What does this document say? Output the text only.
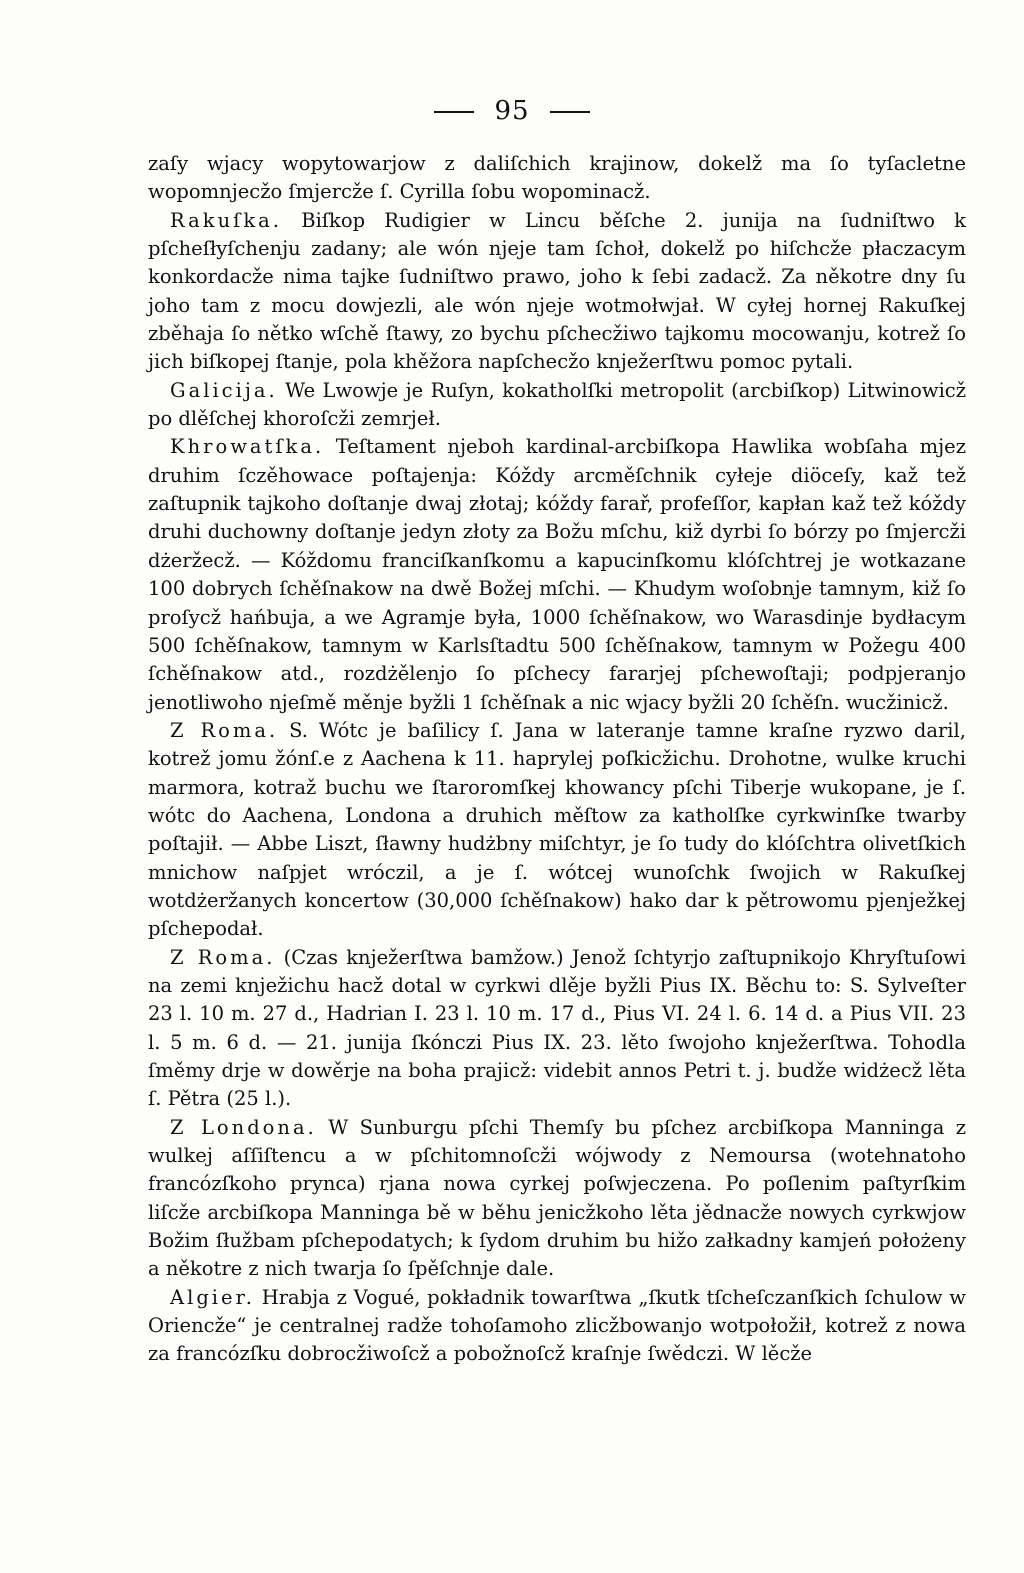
95

zaſy wjacy wopytowarjow z daliſchich krajinow, dokelž ma ſo tyſacletne wopomnjecžo ſmjercže ſ. Cyrilla ſobu wopominacž.

Rakuſka. Biſkop Rudigier w Lincu běſche 2. junija na ſudniſtwo k pſcheſłyſchenju zadany; ale wón njeje tam ſchoł, dokelž po hiſchcže płaczacym konkordacže nima tajke ſudniſtwo prawo, joho k ſebi zadacž. Za někotre dny ſu joho tam z mocu dowjezli, ale wón njeje wotmołwjał. W cyłej hornej Rakuſkej zběhaja ſo nětko wſchě ſtawy, zo bychu pſchecžiwo tajkomu mocowanju, kotrež ſo jich biſkopej ſtanje, pola khěžora napſchecžo knježerſtwu pomoc pytali.

Galicija. We Lwowje je Ruſyn, kokatholſki metropolit (arcbiſkop) Litwinowicž po dlěſchej khoroſcži zemrjeł.

Khrowatſka. Teſtament njeboh kardinal-arcbiſkopa Hawlika wobſaha mjez druhim ſczěhowace poſtajenja: Kóždy arcměſchnik cyłeje diöceſy, kaž tež zaſtupnik tajkoho doſtanje dwaj złotaj; kóždy farař, profeſſor, kapłan kaž tež kóždy druhi duchowny doſtanje jedyn złoty za Božu mſchu, kiž dyrbi ſo bórzy po ſmjercži dżeržecž. — Kóždomu franciſkanſkomu a kapucinſkomu klóſchtrej je wotkazane 100 dobrych ſchěſnakow na dwě Božej mſchi. — Khudym woſobnje tamnym, kiž ſo proſycž hańbuja, a we Agramje była, 1000 ſchěſnakow, wo Warasdinje bydłacym 500 ſchěſnakow, tamnym w Karlsſtadtu 500 ſchěſnakow, tamnym w Požegu 400 ſchěſnakow atd., rozdżělenjo ſo pſchecy fararjej pſchewoſtaji; podpjeranjo jenotliwoho njeſmě měnje byžli 1 ſchěſnak a nic wjacy byžli 20 ſchěſn. wucžinicž.

Z Roma. S. Wótc je baſilicy ſ. Jana w lateranje tamne kraſne ryzwo daril, kotrež jomu žónſ.e z Aachena k 11. haprylej poſkicžichu. Drohotne, wulke kruchi marmora, kotraž buchu we ſtaroromſkej khowancy pſchi Tiberje wukopane, je ſ. wótc do Aachena, Londona a druhich měſtow za katholſke cyrkwinſke twarby poſtajił. — Abbe Liszt, ſławny hudżbny miſchtyr, je ſo tudy do klóſchtra olivetſkich mnichow naſpjet wróczil, a je ſ. wótcej wunoſchk ſwojich w Rakuſkej wotdżeržanych koncertow (30,000 ſchěſnakow) hako dar k pětrowomu pjenježkej pſchepodał.

Z Roma. (Czas knježerſtwa bamžow.) Jenož ſchtyrjo zaſtupnikojo Khryſtuſowi na zemi knježichu hacž dotal w cyrkwi dlěje byžli Pius IX. Běchu to: S. Sylveſter 23 l. 10 m. 27 d., Hadrian I. 23 l. 10 m. 17 d., Pius VI. 24 l. 6. 14 d. a Pius VII. 23 l. 5 m. 6 d. — 21. junija ſkónczi Pius IX. 23. lěto ſwojoho knježerſtwa. Tohodla ſměmy drje w dowěrje na boha prajicž: videbit annos Petri t. j. budže widżecž lěta ſ. Pětra (25 l.).

Z Londona. W Sunburgu pſchi Themſy bu pſchez arcbiſkopa Manninga z wulkej aſſiſtencu a w pſchitomnoſcži wójwody z Nemoursa (wotehnatoho francózſkoho pryncа) rjana nowa cyrkej poſwjeczena. Po poſlenim paſtyrſkim liſcže arcbiſkopa Manninga bě w běhu jenicžkoho lěta jědnacže nowych cyrkwjow Božim ſłužbam pſchepodatych; k ſydom druhim bu hižo załkadny kamjeń położeny a někotre z nich twarja ſo ſpěſchnje dale.

Algier. Hrabja z Vogué, pokładnik towarſtwa „ſkutk tſcheſczanſkich ſchulow w Oriencže“ je centralnej radže tohoſamoho zlicžbowanjo wotpołožił, kotrež z nowa za francózſku dobrocžiwoſcž a pobožnoſcž kraſnje ſwědczi. W lěcže
